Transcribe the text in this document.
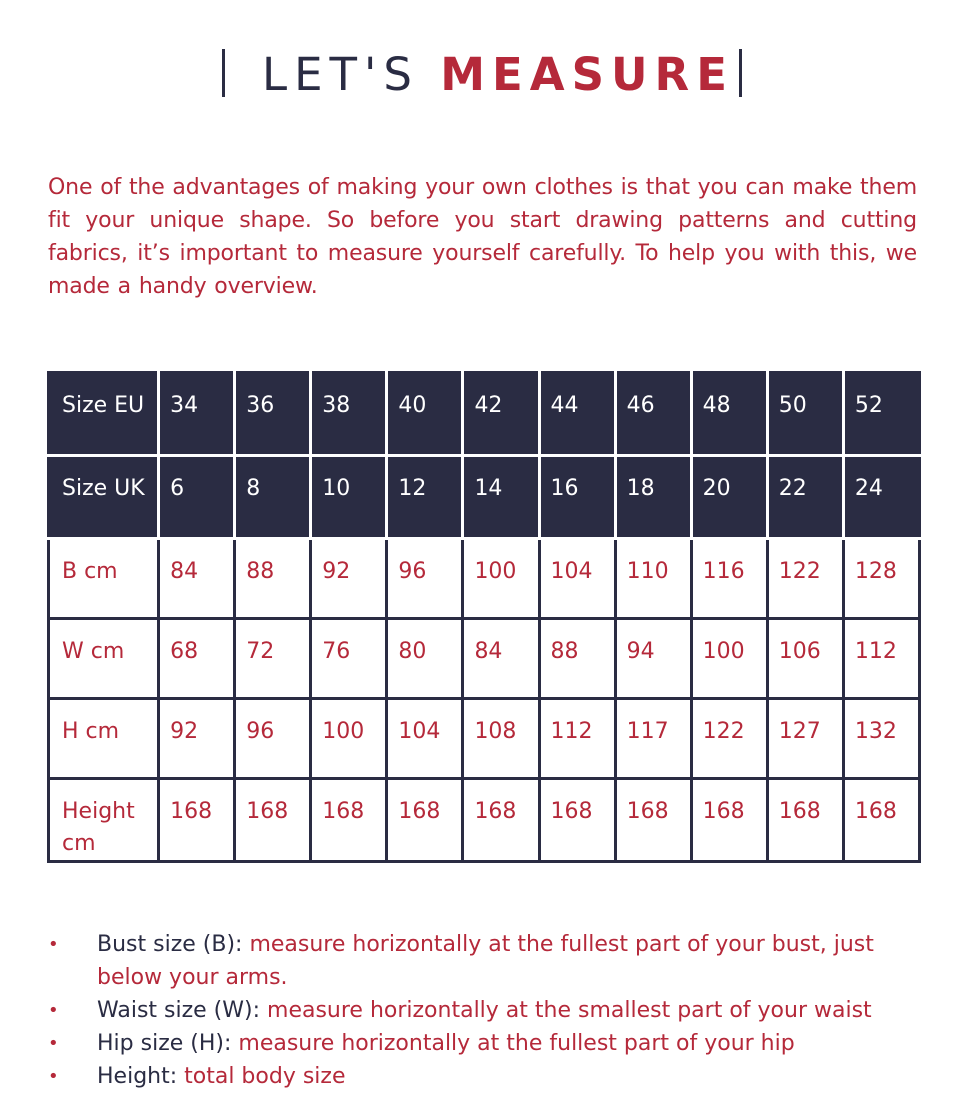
LET'S MEASURE

One of the advantages of making your own clothes is that you can make them fit your unique shape. So before you start drawing patterns and cutting fabrics, it’s important to measure yourself carefully. To help you with this, we made a handy overview.

Size EU	34	36	38	40	42	44	46	48	50	52
Size UK	6	8	10	12	14	16	18	20	22	24
B cm	84	88	92	96	100	104	110	116	122	128
W cm	68	72	76	80	84	88	94	100	106	112
H cm	92	96	100	104	108	112	117	122	127	132
Height cm	168	168	168	168	168	168	168	168	168	168
• Bust size (B): measure horizontally at the fullest part of your bust, just below your arms.
• Waist size (W): measure horizontally at the smallest part of your waist
• Hip size (H): measure horizontally at the fullest part of your hip
• Height: total body size
